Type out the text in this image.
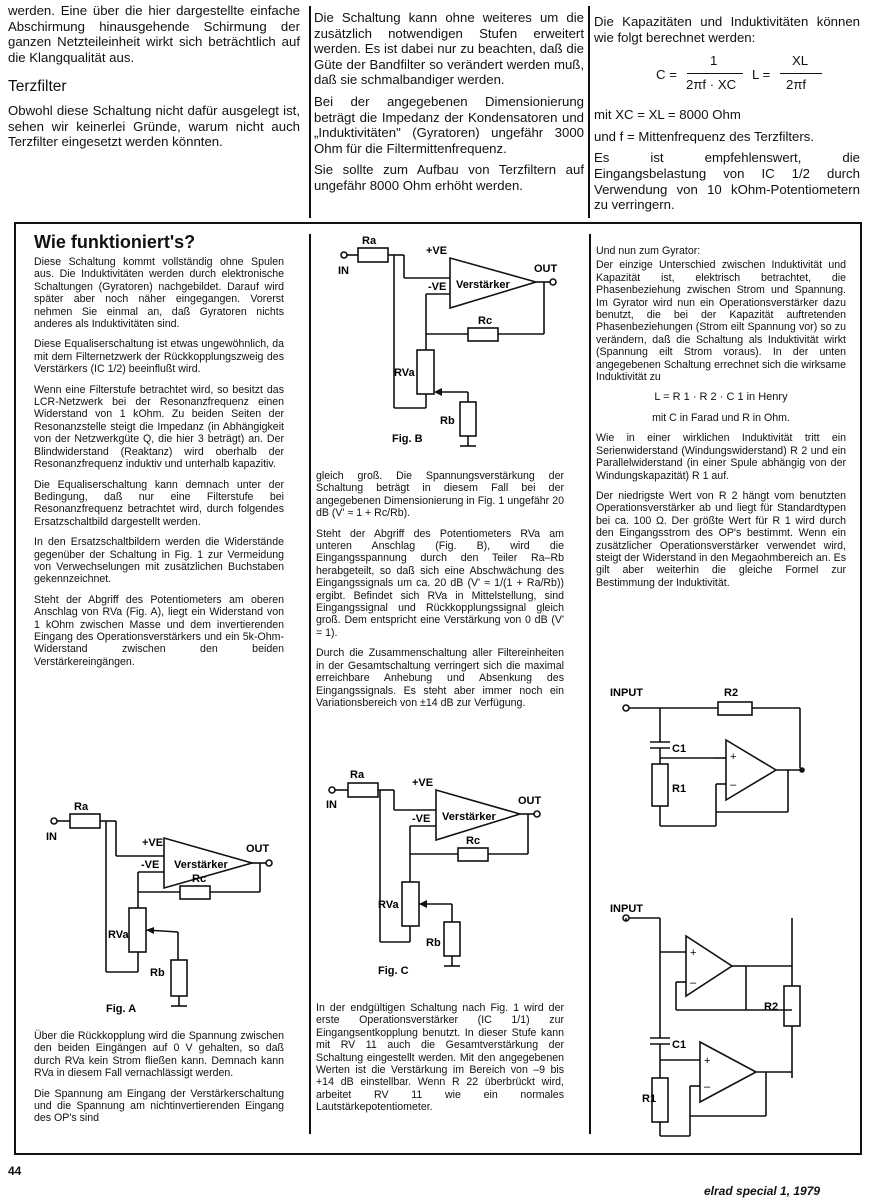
werden. Eine über die hier dargestellte einfache Abschirmung hinausgehende Schirmung der ganzen Netzteileinheit wirkt sich beträchtlich auf die Klangqualität aus.

Terzfilter

Obwohl diese Schaltung nicht dafür ausgelegt ist, sehen wir keinerlei Gründe, warum nicht auch Terzfilter eingesetzt werden könnten.

Die Schaltung kann ohne weiteres um die zusätzlich notwendigen Stufen erweitert werden. Es ist dabei nur zu beachten, daß die Güte der Bandfilter so verändert werden muß, daß sie schmalbandiger werden.

Bei der angegebenen Dimensionierung beträgt die Impedanz der Kondensatoren und „Induktivitäten" (Gyratoren) ungefähr 3000 Ohm für die Filtermittenfrequenz.

Sie sollte zum Aufbau von Terzfiltern auf ungefähr 8000 Ohm erhöht werden.

Die Kapazitäten und Induktivitäten können wie folgt berechnet werden:

C =
1
2πf · XC
L =
XL
2πf

mit XC = XL = 8000 Ohm

und f = Mittenfrequenz des Terzfilters.

Es ist empfehlenswert, die Eingangsbelastung von IC 1/2 durch Verwendung von 10 kOhm-Potentiometern zu verringern.

Wie funktioniert's?

Diese Schaltung kommt vollständig ohne Spulen aus. Die Induktivitäten werden durch elektronische Schaltungen (Gyratoren) nachgebildet. Darauf wird später aber noch näher eingegangen. Vorerst nehmen Sie einmal an, daß Gyratoren nichts anderes als Induktivitäten sind.

Diese Equaliserschaltung ist etwas ungewöhnlich, da mit dem Filternetzwerk der Rückkopplungszweig des Verstärkers (IC 1/2) beeinflußt wird.

Wenn eine Filterstufe betrachtet wird, so besitzt das LCR-Netzwerk bei der Resonanzfrequenz einen Widerstand von 1 kOhm. Zu beiden Seiten der Resonanzstelle steigt die Impedanz (in Abhängigkeit von der Netzwerkgüte Q, die hier 3 beträgt) an. Der Blindwiderstand (Reaktanz) wird oberhalb der Resonanzfrequenz induktiv und unterhalb kapazitiv.

Die Equaliserschaltung kann demnach unter der Bedingung, daß nur eine Filterstufe bei Resonanzfrequenz betrachtet wird, durch folgendes Ersatzschaltbild dargestellt werden.

In den Ersatzschaltbildern werden die Widerstände gegenüber der Schaltung in Fig. 1 zur Vermeidung von Verwechselungen mit zusätzlichen Buchstaben gekennzeichnet.

Steht der Abgriff des Potentiometers am oberen Anschlag von RVa (Fig. A), liegt ein Widerstand von 1 kOhm zwischen Masse und dem invertierenden Eingang des Operationsverstärkers und ein 5k-Ohm-Widerstand zwischen den beiden Verstärkereingängen.

Ra
IN	+VE
-VE Verstärker
OUT
Rc
RVa
Rb
Fig. A

Über die Rückkopplung wird die Spannung zwischen den beiden Eingängen auf 0 V gehalten, so daß durch RVa kein Strom fließen kann. Demnach kann RVa in diesem Fall vernachlässigt werden.

Die Spannung am Eingang der Verstärkerschaltung und die Spannung am nichtinvertierenden Eingang des OP's sind

Ra
IN
+VE
-VE Verstärker
OUT
Rc
RVa
Rb
Fig. B

gleich groß. Die Spannungsverstärkung der Schaltung beträgt in diesem Fall bei der angegebenen Dimensionierung in Fig. 1 ungefähr 20 dB (V' ≈ 1 + Rc/Rb).

Steht der Abgriff des Potentiometers RVa am unteren Anschlag (Fig. B), wird die Eingangsspannung durch den Teiler Ra–Rb herabgeteilt, so daß sich eine Abschwächung des Eingangssignals um ca. 20 dB (V' ≈ 1/(1 + Ra/Rb)) ergibt. Befindet sich RVa in Mittelstellung, sind Eingangssignal und Rückkopplungssignal gleich groß. Dem entspricht eine Verstärkung von 0 dB (V' = 1).

Durch die Zusammenschaltung aller Filtereinheiten in der Gesamtschaltung verringert sich die maximal erreichbare Anhebung und Absenkung des Eingangssignals. Es steht aber immer noch ein Variationsbereich von ±14 dB zur Verfügung.

Ra
IN
+VE
-VE Verstärker
OUT
Rc
RVa
Rb
Fig. C

In der endgültigen Schaltung nach Fig. 1 wird der erste Operationsverstärker (IC 1/1) zur Eingangsentkopplung benutzt. In dieser Stufe kann mit RV 11 auch die Gesamtverstärkung der Schaltung eingestellt werden. Mit den angegebenen Werten ist die Verstärkung im Bereich von –9 bis +14 dB einstellbar. Wenn R 22 überbrückt wird, arbeitet RV 11 wie ein normales Lautstärkepotentiometer.

Und nun zum Gyrator:

Der einzige Unterschied zwischen Induktivität und Kapazität ist, elektrisch betrachtet, die Phasenbeziehung zwischen Strom und Spannung. Im Gyrator wird nun ein Operationsverstärker dazu benutzt, die bei der Kapazität auftretenden Phasenbeziehungen (Strom eilt Spannung vor) so zu verändern, daß die Schaltung als Induktivität wirkt (Spannung eilt Strom voraus). In der unten angegebenen Schaltung errechnet sich die wirksame Induktivität zu

L = R 1 · R 2 · C 1 in Henry

mit C in Farad und R in Ohm.

Wie in einer wirklichen Induktivität tritt ein Serienwiderstand (Windungswiderstand) R 2 und ein Parallelwiderstand (in einer Spule abhängig von der Windungskapazität) R 1 auf.

Der niedrigste Wert von R 2 hängt vom benutzten Operationsverstärker ab und liegt für Standardtypen bei ca. 100 Ω. Der größte Wert für R 1 wird durch den Eingangsstrom des OP's bestimmt. Wenn ein zusätzlicher Operationsverstärker verwendet wird, steigt der Widerstand in den Megaohmbereich an. Es gilt aber weiterhin die gleiche Formel zur Bestimmung der Induktivität.

+
–
INPUT	R2
C1
R1
+
–
+
–
INPUT
R2
C1
R1
44
elrad special 1, 1979
